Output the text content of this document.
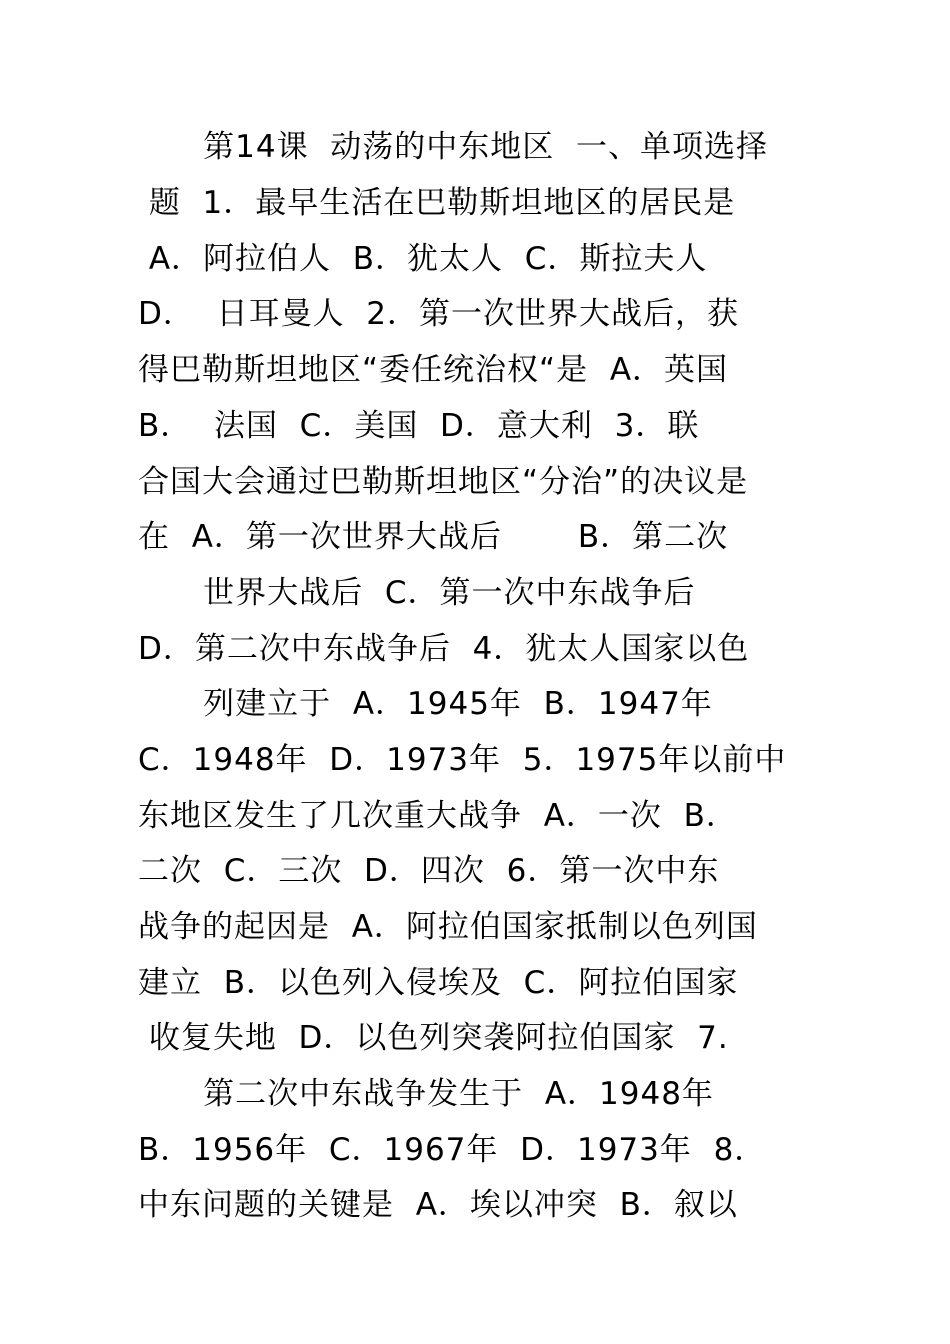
第14课  动荡的中东地区  一、单项选择
题  1．最早生活在巴勒斯坦地区的居民是
A．阿拉伯人  B．犹太人  C．斯拉夫人
D．  日耳曼人  2．第一次世界大战后，获
得巴勒斯坦地区“委任统治权“是  A．英国
B．  法国  C．美国  D．意大利  3．联
合国大会通过巴勒斯坦地区“分治”的决议是
在  A．第一次世界大战后       B．第二次
世界大战后  C．第一次中东战争后
D．第二次中东战争后  4．犹太人国家以色
列建立于  A．1945年  B．1947年
C．1948年  D．1973年  5．1975年以前中
东地区发生了几次重大战争  A．一次  B．
二次  C．三次  D．四次  6．第一次中东
战争的起因是  A．阿拉伯国家抵制以色列国
建立  B．以色列入侵埃及  C．阿拉伯国家
收复失地  D．以色列突袭阿拉伯国家  7.
第二次中东战争发生于  A．1948年
B．1956年  C．1967年  D．1973年  8．
中东问题的关键是  A．埃以冲突  B．叙以
